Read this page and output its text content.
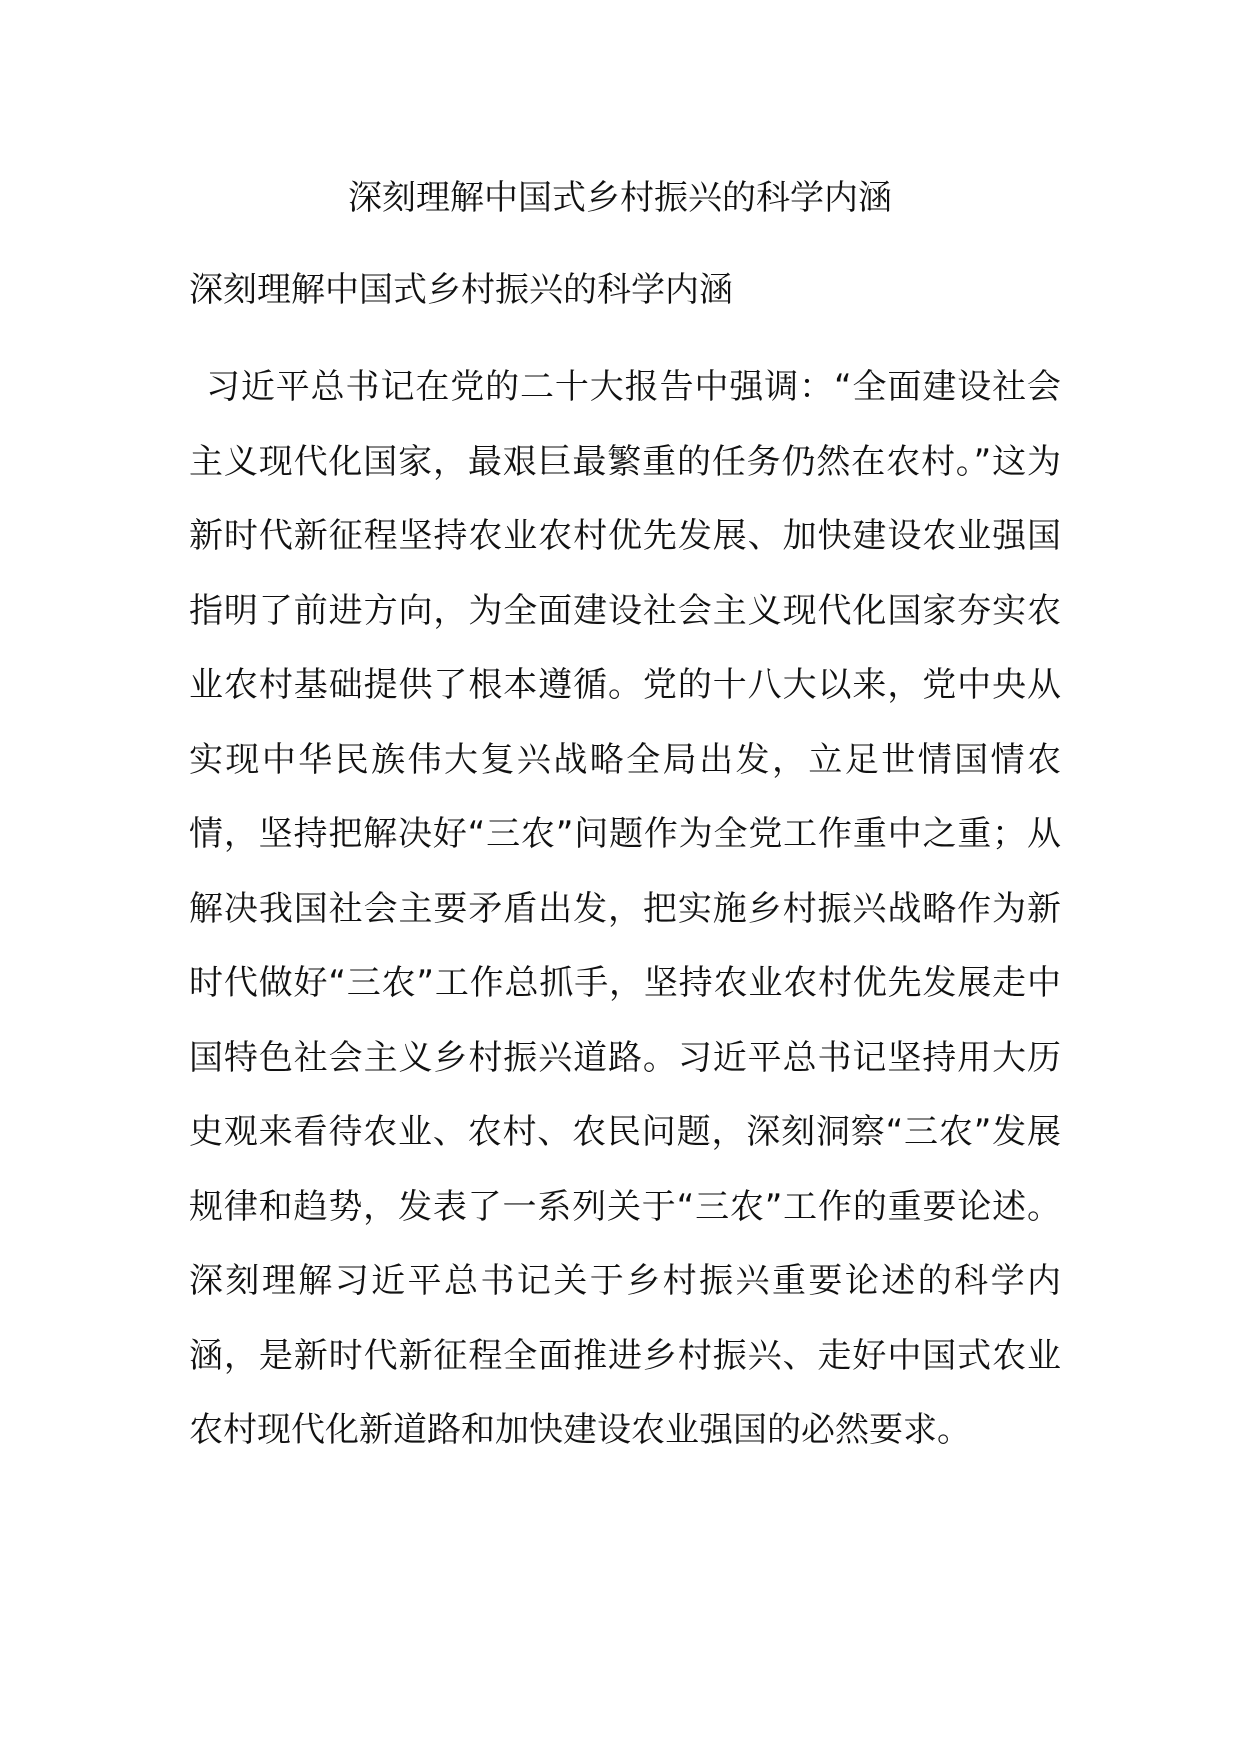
深刻理解中国式乡村振兴的科学内涵
深刻理解中国式乡村振兴的科学内涵

习近平总书记在党的二十大报告中强调：“全面建设社会主义现代化国家，最艰巨最繁重的任务仍然在农村。”这为新时代新征程坚持农业农村优先发展、加快建设农业强国指明了前进方向，为全面建设社会主义现代化国家夯实农业农村基础提供了根本遵循。党的十八大以来，党中央从实现中华民族伟大复兴战略全局出发，立足世情国情农情，坚持把解决好“三农”问题作为全党工作重中之重；从解决我国社会主要矛盾出发，把实施乡村振兴战略作为新时代做好“三农”工作总抓手，坚持农业农村优先发展走中国特色社会主义乡村振兴道路。习近平总书记坚持用大历史观来看待农业、农村、农民问题，深刻洞察“三农”发展规律和趋势，发表了一系列关于“三农”工作的重要论述。深刻理解习近平总书记关于乡村振兴重要论述的科学内涵，是新时代新征程全面推进乡村振兴、走好中国式农业农村现代化新道路和加快建设农业强国的必然要求。
